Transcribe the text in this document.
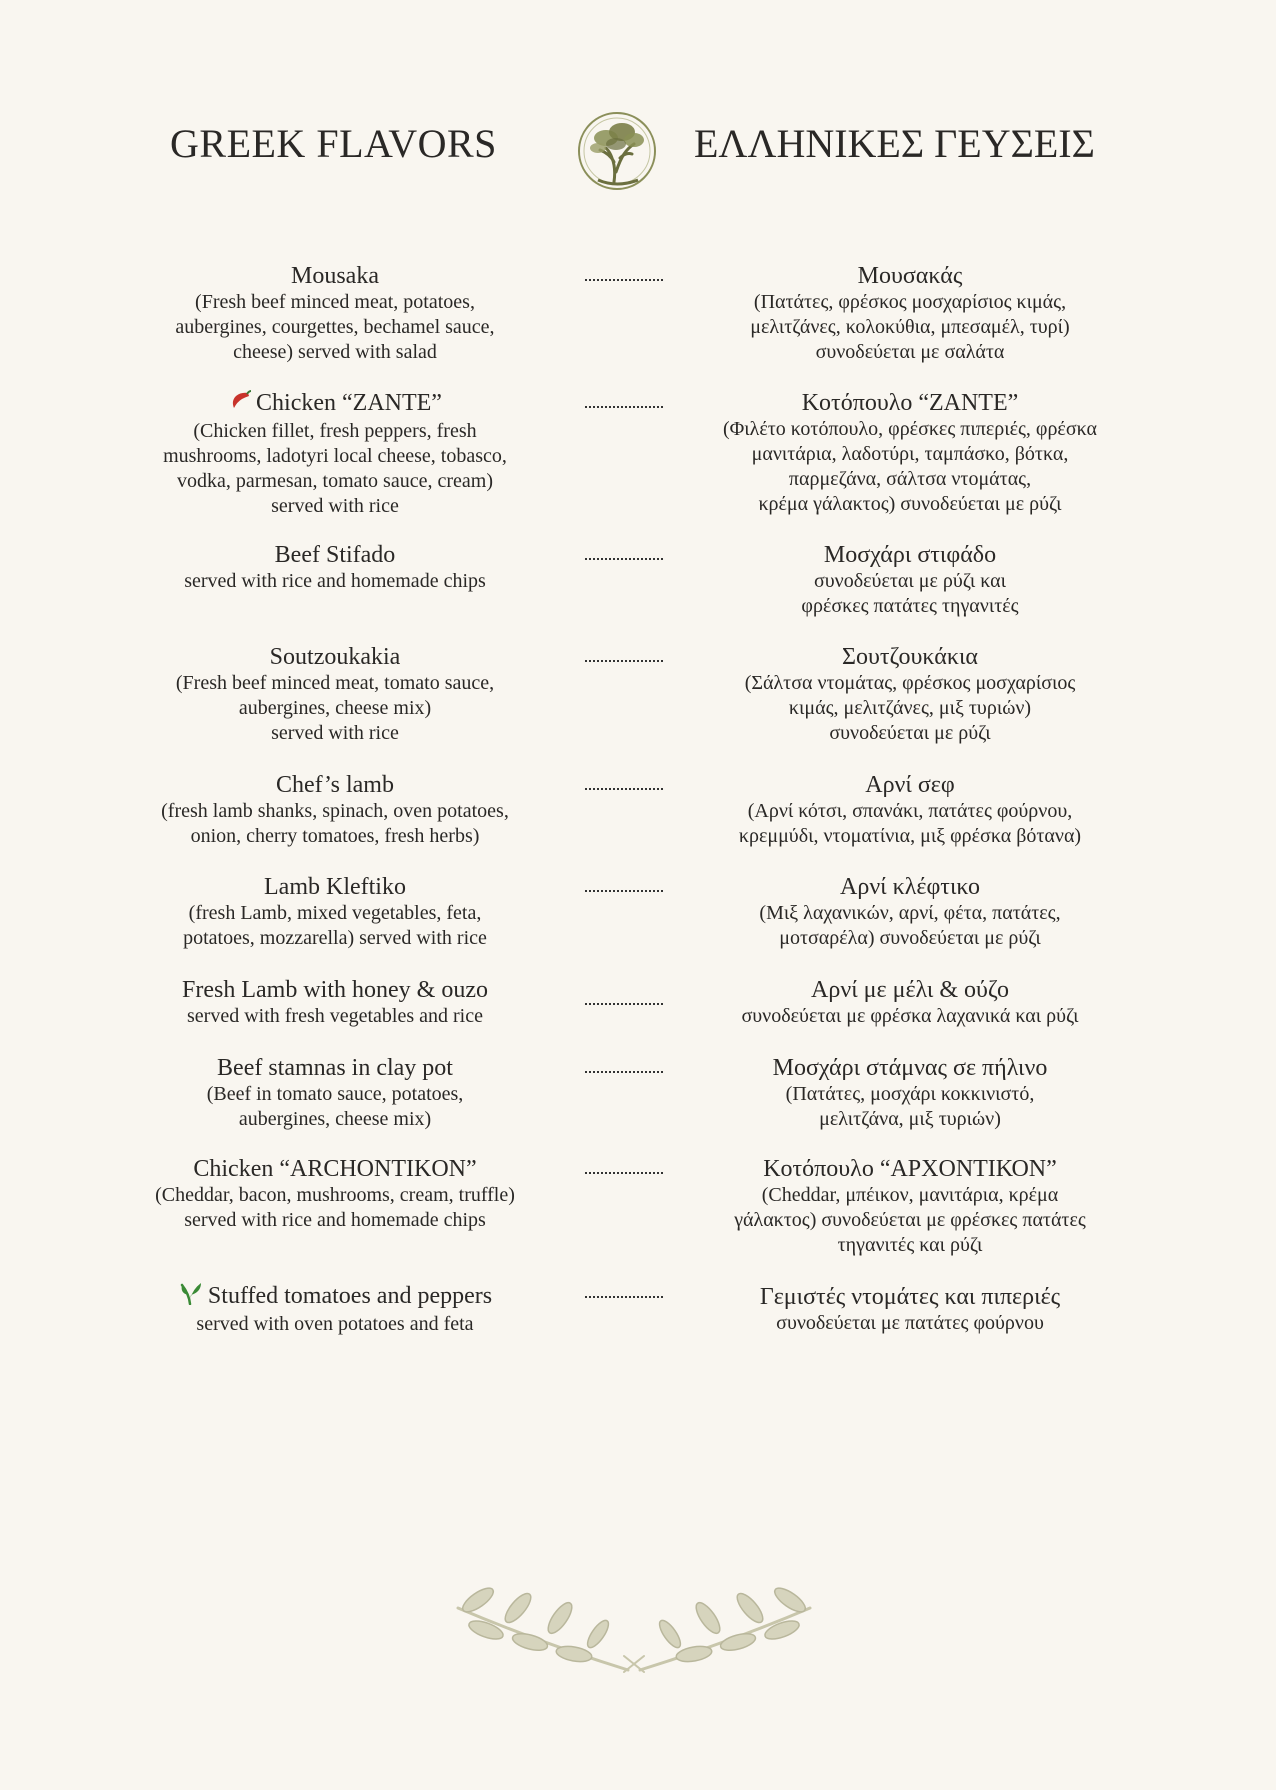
GREEK FLAVORS	ΕΛΛΗΝΙΚΕΣ ΓΕΥΣΕΙΣ
Mousaka
(Fresh beef minced meat, potatoes,
aubergines, courgettes, bechamel sauce,
cheese) served with salad
Μουσακάς
(Πατάτες, φρέσκος μοσχαρίσιος κιμάς,
μελιτζάνες, κολοκύθια, μπεσαμέλ, τυρί)
συνοδεύεται με σαλάτα
Chicken “ZANTE”
(Chicken fillet, fresh peppers, fresh
mushrooms, ladotyri local cheese, tobasco,
vodka, parmesan, tomato sauce, cream)
served with rice
Κοτόπουλο “ZANTE”
(Φιλέτο κοτόπουλο, φρέσκες πιπεριές, φρέσκα
μανιτάρια, λαδοτύρι, ταμπάσκο, βότκα,
παρμεζάνα, σάλτσα ντομάτας,
κρέμα γάλακτος) συνοδεύεται με ρύζι
Beef Stifado
served with rice and homemade chips
Μοσχάρι στιφάδο
συνοδεύεται με ρύζι και
φρέσκες πατάτες τηγανιτές
Soutzoukakia
(Fresh beef minced meat, tomato sauce,
aubergines, cheese mix)
served with rice
Σουτζουκάκια
(Σάλτσα ντομάτας, φρέσκος μοσχαρίσιος
κιμάς, μελιτζάνες, μιξ τυριών)
συνοδεύεται με ρύζι
Chef’s lamb
(fresh lamb shanks, spinach, oven potatoes,
onion, cherry tomatoes, fresh herbs)
Αρνί σεφ
(Αρνί κότσι, σπανάκι, πατάτες φούρνου,
κρεμμύδι, ντοματίνια, μιξ φρέσκα βότανα)
Lamb Kleftiko
(fresh Lamb, mixed vegetables, feta,
potatoes, mozzarella) served with rice
Αρνί κλέφτικο
(Μιξ λαχανικών, αρνί, φέτα, πατάτες,
μοτσαρέλα) συνοδεύεται με ρύζι
Fresh Lamb with honey & ouzo
served with fresh vegetables and rice
Αρνί με μέλι & ούζο
συνοδεύεται με φρέσκα λαχανικά και ρύζι
Beef stamnas in clay pot
(Beef in tomato sauce, potatoes,
aubergines, cheese mix)
Μοσχάρι στάμνας σε πήλινο
(Πατάτες, μοσχάρι κοκκινιστό,
μελιτζάνα, μιξ τυριών)
Chicken “ARCHONTIKON”
(Cheddar, bacon, mushrooms, cream, truffle)
served with rice and homemade chips
Κοτόπουλο “ΑΡΧΟΝΤΙΚΟΝ”
(Cheddar, μπέικον, μανιτάρια, κρέμα
γάλακτος) συνοδεύεται με φρέσκες πατάτες
τηγανιτές και ρύζι
Stuffed tomatoes and peppers
served with oven potatoes and feta
Γεμιστές ντομάτες και πιπεριές
συνοδεύεται με πατάτες φούρνου
